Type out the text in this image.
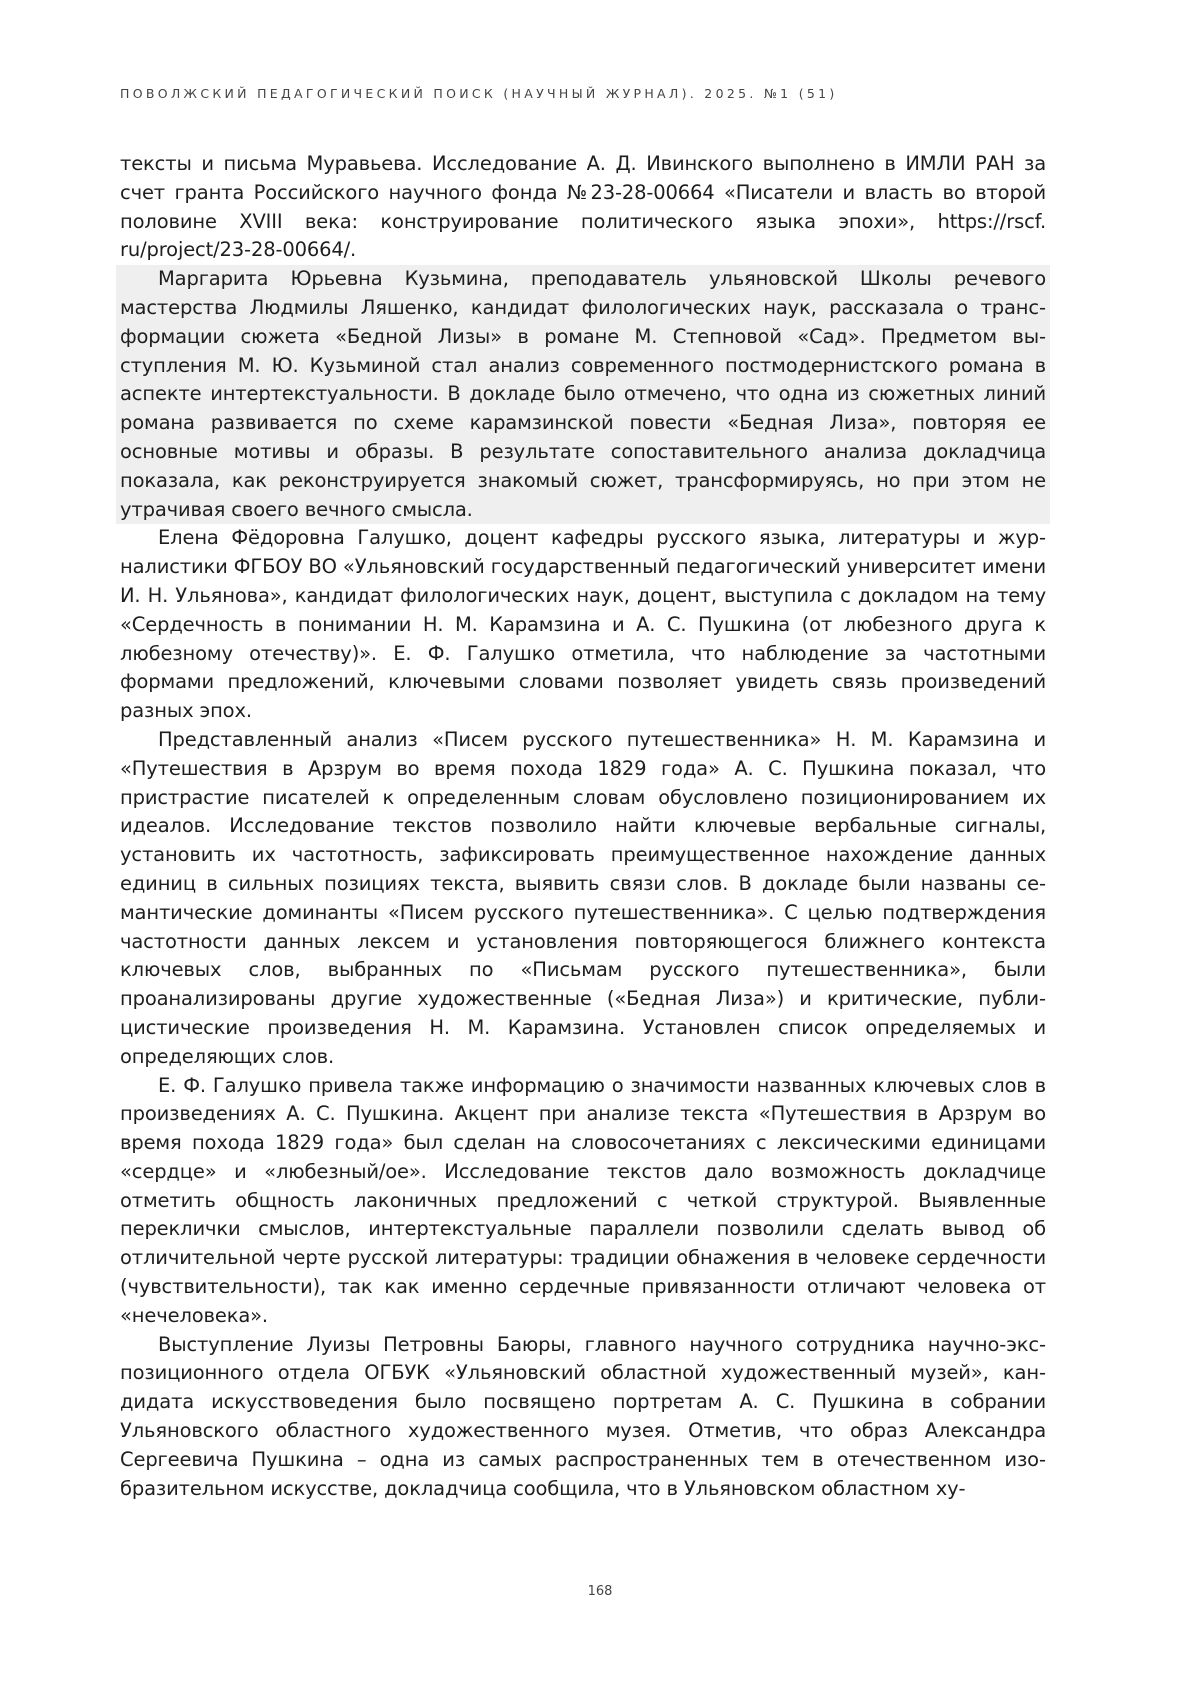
ПОВОЛЖСКИЙ ПЕДАГОГИЧЕСКИЙ ПОИСК (НАУЧНЫЙ ЖУРНАЛ). 2025. №1 (51)

тексты и письма Муравьева. Исследование А. Д. Ивинского выполнено в ИМЛИ РАН за счет гранта Российского научного фонда №23-28-00664 «Писатели и власть во второй половине XVIII века: конструирование политического языка эпохи», https://rscf. ru/project/23-28-00664/.

Маргарита Юрьевна Кузьмина, преподаватель ульяновской Школы речевого мастерства Людмилы Ляшенко, кандидат филологических наук, рассказала о трансформации сюжета «Бедной Лизы» в романе М. Степновой «Сад». Предметом выступления М. Ю. Кузьминой стал анализ современного постмодернистского романа в аспекте интертекстуальности. В докладе было отмечено, что одна из сюжетных линий романа развивается по схеме карамзинской повести «Бедная Лиза», повторяя ее основные мотивы и образы. В результате сопоставительного анализа докладчица показала, как реконструируется знакомый сюжет, трансформируясь, но при этом не утрачивая своего вечного смысла.

Елена Фёдоровна Галушко, доцент кафедры русского языка, литературы и журналистики ФГБОУ ВО «Ульяновский государственный педагогический университет имени И. Н. Ульянова», кандидат филологических наук, доцент, выступила с докладом на тему «Сердечность в понимании Н. М. Карамзина и А. С. Пушкина (от любезного друга к любезному отечеству)». Е. Ф. Галушко отметила, что наблюдение за частотными формами предложений, ключевыми словами позволяет увидеть связь произведений разных эпох.

Представленный анализ «Писем русского путешественника» Н. М. Карамзина и «Путешествия в Арзрум во время похода 1829 года» А. С. Пушкина показал, что пристрастие писателей к определенным словам обусловлено позиционированием их идеалов. Исследование текстов позволило найти ключевые вербальные сигналы, установить их частотность, зафиксировать преимущественное нахождение данных единиц в сильных позициях текста, выявить связи слов. В докладе были названы семантические доминанты «Писем русского путешественника». С целью подтверждения частотности данных лексем и установления повторяющегося ближнего контекста ключевых слов, выбранных по «Письмам русского путешественника», были проанализированы другие художественные («Бедная Лиза») и критические, публицистические произведения Н. М. Карамзина. Установлен список определяемых и определяющих слов.

Е. Ф. Галушко привела также информацию о значимости названных ключевых слов в произведениях А. С. Пушкина. Акцент при анализе текста «Путешествия в Арзрум во время похода 1829 года» был сделан на словосочетаниях с лексическими единицами «сердце» и «любезный/ое». Исследование текстов дало возможность докладчице отметить общность лаконичных предложений с четкой структурой. Выявленные переклички смыслов, интертекстуальные параллели позволили сделать вывод об отличительной черте русской литературы: традиции обнажения в человеке сердечности (чувствительности), так как именно сердечные привязанности отличают человека от «нечеловека».

Выступление Луизы Петровны Баюры, главного научного сотрудника научно-экспозиционного отдела ОГБУК «Ульяновский областной художественный музей», кандидата искусствоведения было посвящено портретам А. С. Пушкина в собрании Ульяновского областного художественного музея. Отметив, что образ Александра Сергеевича Пушкина – одна из самых распространенных тем в отечественном изобразительном искусстве, докладчица сообщила, что в Ульяновском областном ху-

168
